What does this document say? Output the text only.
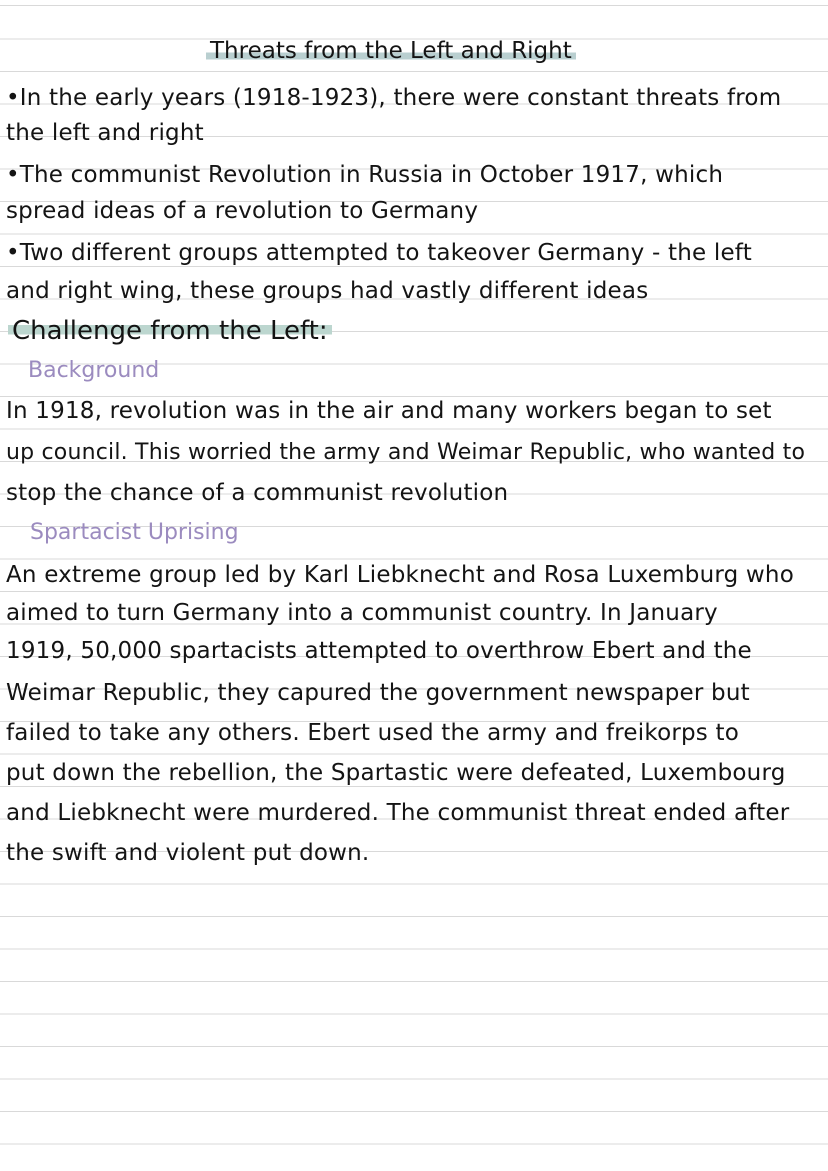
Threats from the Left and Right
•In the early years (1918-1923), there were constant threats from
the left and right
•The communist Revolution in Russia in October 1917, which
spread ideas of a revolution to Germany
•Two different groups attempted to takeover Germany - the left
and right wing, these groups had vastly different ideas
Challenge from the Left:
Background
In 1918, revolution was in the air and many workers began to set
up council. This worried the army and Weimar Republic, who wanted to
stop the chance of a communist revolution
Spartacist Uprising
An extreme group led by Karl Liebknecht and Rosa Luxemburg who
aimed to turn Germany into a communist country. In January
1919, 50,000 spartacists attempted to overthrow Ebert and the
Weimar Republic, they capured the government newspaper but
failed to take any others. Ebert used the army and freikorps to
put down the rebellion, the Spartastic were defeated, Luxembourg
and Liebknecht were murdered. The communist threat ended after
the swift and violent put down.
